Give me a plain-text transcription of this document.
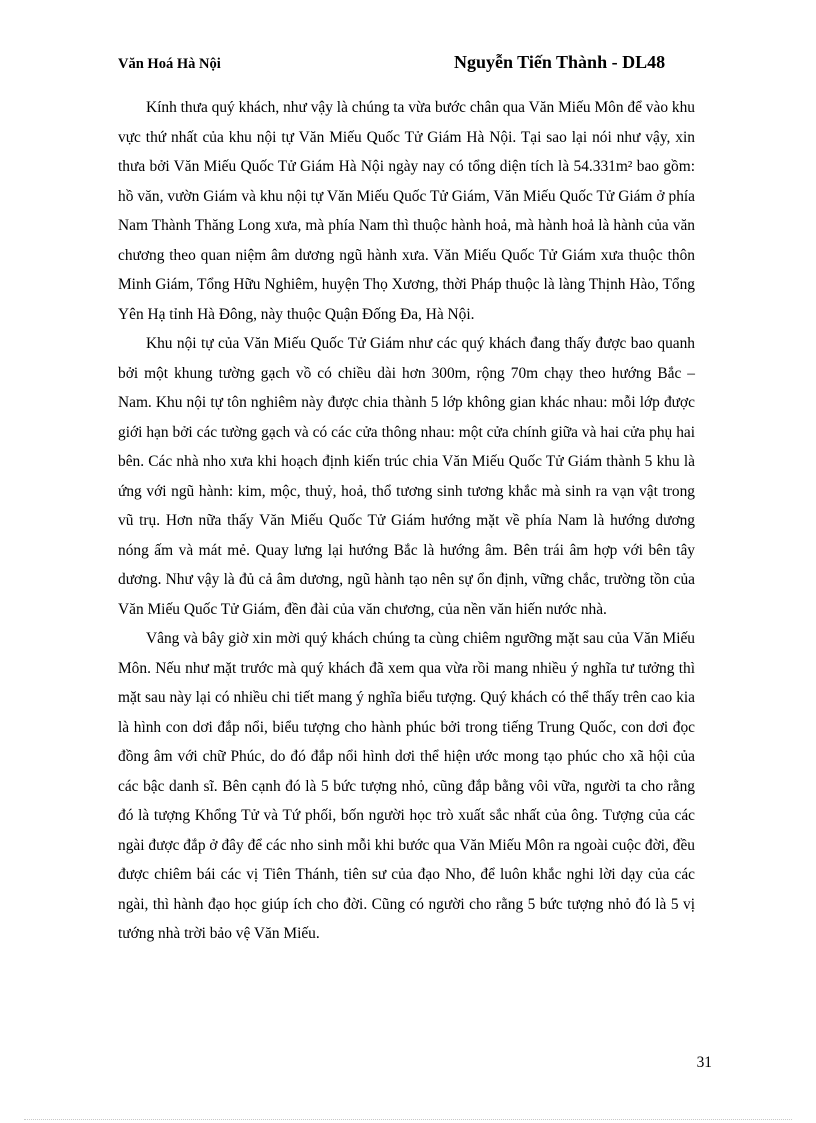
Văn Hoá Hà Nội	Nguyễn Tiến Thành - DL48

Kính thưa quý khách, như vậy là chúng ta vừa bước chân qua Văn Miếu Môn để vào khu vực thứ nhất của khu nội tự Văn Miếu Quốc Tử Giám Hà Nội. Tại sao lại nói như vậy, xin thưa bởi Văn Miếu Quốc Tử Giám Hà Nội ngày nay có tổng diện tích là 54.331m² bao gồm: hồ văn, vườn Giám và khu nội tự Văn Miếu Quốc Tử Giám, Văn Miếu Quốc Tử Giám ở phía Nam Thành Thăng Long xưa, mà phía Nam thì thuộc hành hoả, mà hành hoả là hành của văn chương theo quan niệm âm dương ngũ hành xưa. Văn Miếu Quốc Tử Giám xưa thuộc thôn Minh Giám, Tổng Hữu Nghiêm, huyện Thọ Xương, thời Pháp thuộc là làng Thịnh Hào, Tổng Yên Hạ tỉnh Hà Đông, này thuộc Quận Đống Đa, Hà Nội.

Khu nội tự của Văn Miếu Quốc Tử Giám như các quý khách đang thấy được bao quanh bởi một khung tường gạch vồ có chiều dài hơn 300m, rộng 70m chạy theo hướng Bắc – Nam. Khu nội tự tôn nghiêm này được chia thành 5 lớp không gian khác nhau: mỗi lớp được giới hạn bởi các tường gạch và có các cửa thông nhau: một cửa chính giữa và hai cửa phụ hai bên. Các nhà nho xưa khi hoạch định kiến trúc chia Văn Miếu Quốc Tử Giám thành 5 khu là ứng với ngũ hành: kim, mộc, thuỷ, hoả, thổ tương sinh tương khắc mà sinh ra vạn vật trong vũ trụ. Hơn nữa thấy Văn Miếu Quốc Tử Giám hướng mặt về phía Nam là hướng dương nóng ấm và mát mẻ. Quay lưng lại hướng Bắc là hướng âm. Bên trái âm hợp với bên tây dương. Như vậy là đủ cả âm dương, ngũ hành tạo nên sự ổn định, vững chắc, trường tồn của Văn Miếu Quốc Tử Giám, đền đài của văn chương, của nền văn hiến nước nhà.

Vâng và bây giờ xin mời quý khách chúng ta cùng chiêm ngưỡng mặt sau của Văn Miếu Môn. Nếu như mặt trước mà quý khách đã xem qua vừa rồi mang nhiều ý nghĩa tư tưởng thì mặt sau này lại có nhiều chi tiết mang ý nghĩa biểu tượng. Quý khách có thể thấy trên cao kia là hình con dơi đắp nổi, biểu tượng cho hành phúc bởi trong tiếng Trung Quốc, con dơi đọc đồng âm với chữ Phúc, do đó đắp nổi hình dơi thể hiện ước mong tạo phúc cho xã hội của các bậc danh sĩ. Bên cạnh đó là 5 bức tượng nhỏ, cũng đắp bằng vôi vữa, người ta cho rằng đó là tượng Khổng Tử và Tứ phối, bốn người học trò xuất sắc nhất của ông. Tượng của các ngài được đắp ở đây để các nho sinh mỗi khi bước qua Văn Miếu Môn ra ngoài cuộc đời, đều được chiêm bái các vị Tiên Thánh, tiên sư của đạo Nho, để luôn khắc nghi lời dạy của các ngài, thì hành đạo học giúp ích cho đời. Cũng có người cho rằng 5 bức tượng nhỏ đó là 5 vị tướng nhà trời bảo vệ Văn Miếu.

31
